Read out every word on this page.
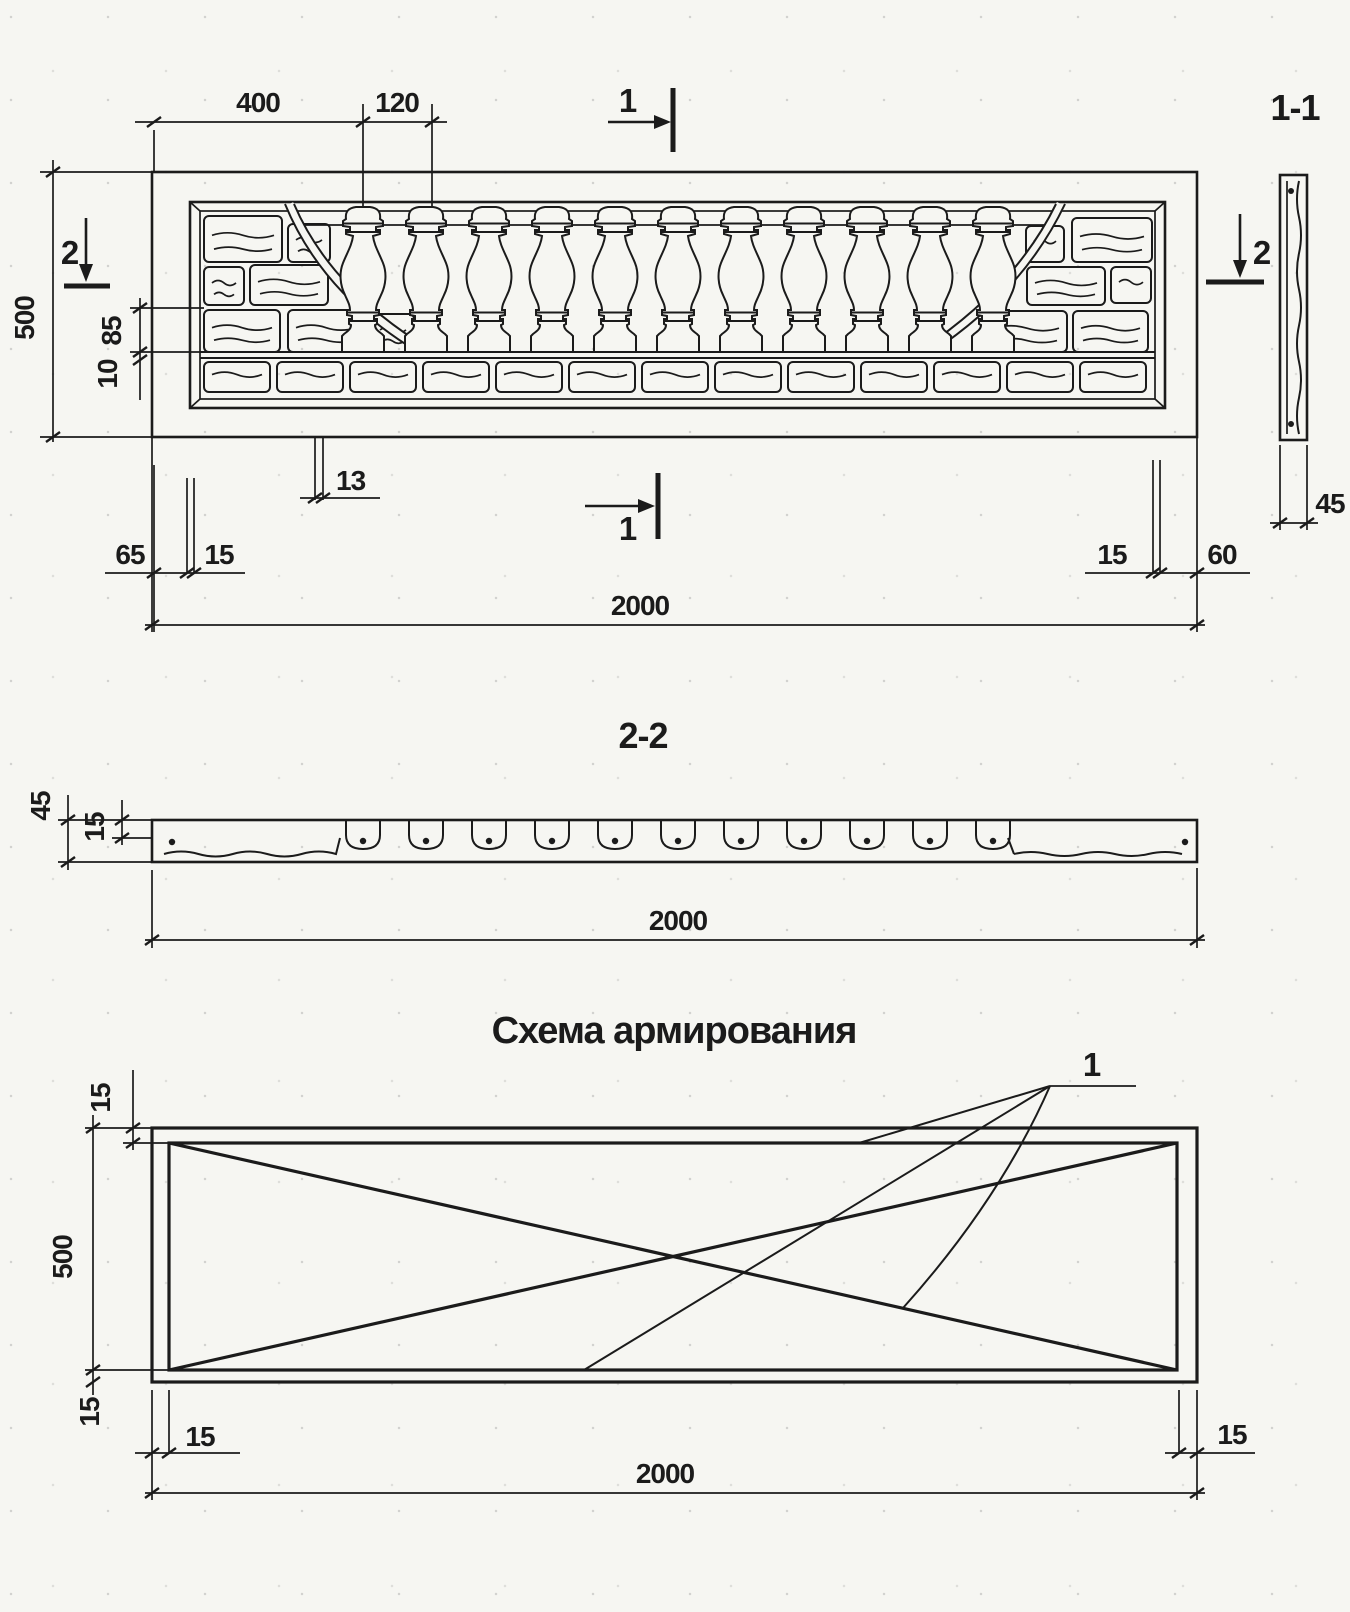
400	120	1
1
2	2
500 85
10
13
65 15	15	60
2000
1-1
45
2-2
45
15
2000
Схема армирования
1
15
500
15
15	15
2000
